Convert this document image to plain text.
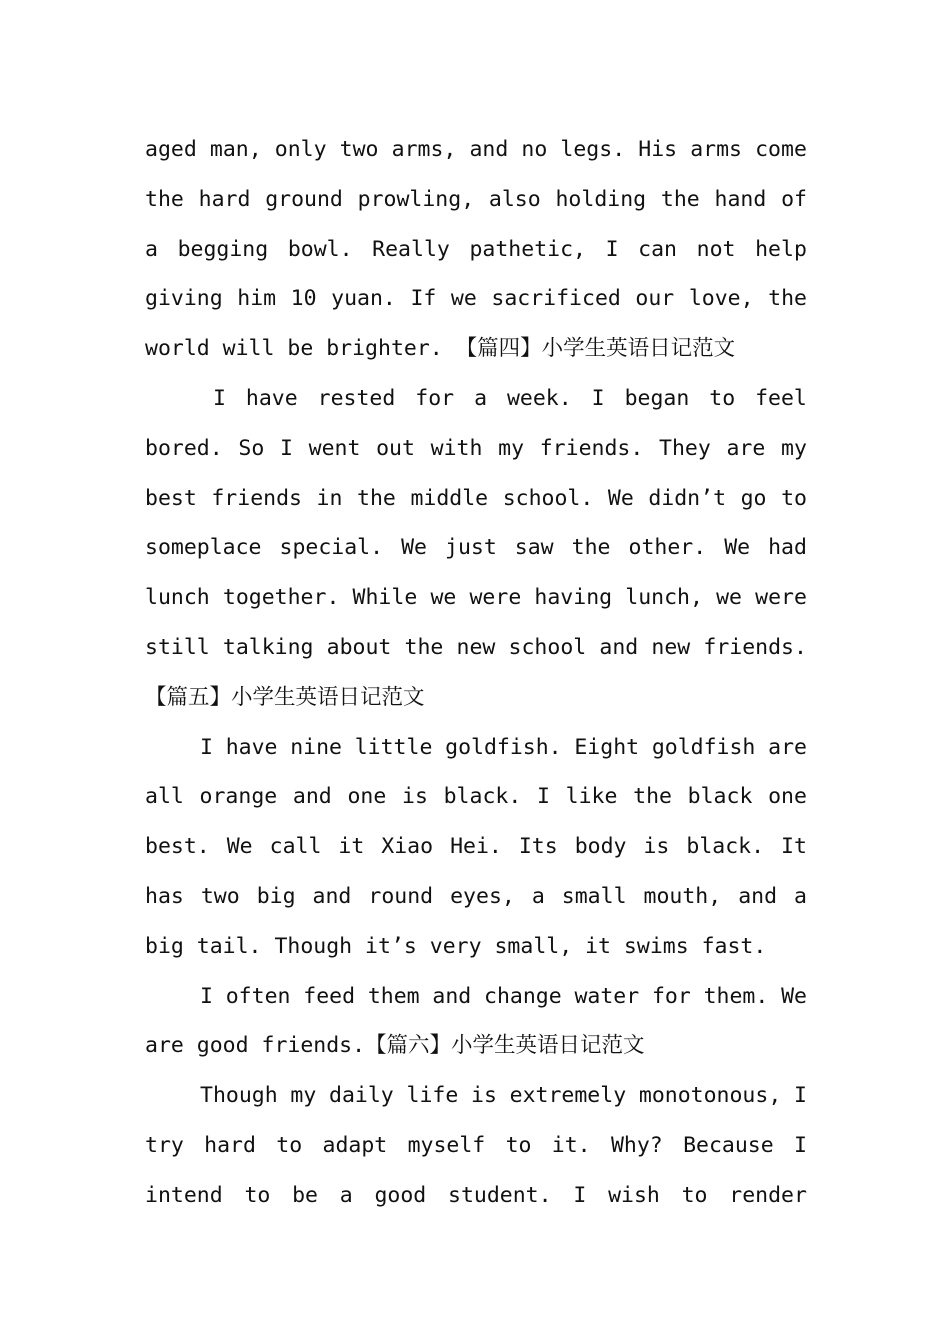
aged man, only two arms, and no legs. His arms come
the hard ground prowling, also holding the hand of
a begging bowl. Really pathetic, I can not help
giving him 10 yuan. If we sacrificed our love, the
world will be brighter. 【篇四】小学生英语日记范文
I have rested for a week. I began to feel
bored. So I went out with my friends. They are my
best friends in the middle school. We didn’t go to
someplace special. We just saw the other. We had
lunch together. While we were having lunch, we were
still talking about the new school and new friends.
【篇五】小学生英语日记范文
I have nine little goldfish. Eight goldfish are
all orange and one is black. I like the black one
best. We call it Xiao Hei. Its body is black. It
has two big and round eyes, a small mouth, and a
big tail. Though it’s very small, it swims fast.
I often feed them and change water for them. We
are good friends.【篇六】小学生英语日记范文
Though my daily life is extremely monotonous, I
try hard to adapt myself to it. Why? Because I
intend to be a good student. I wish to render
